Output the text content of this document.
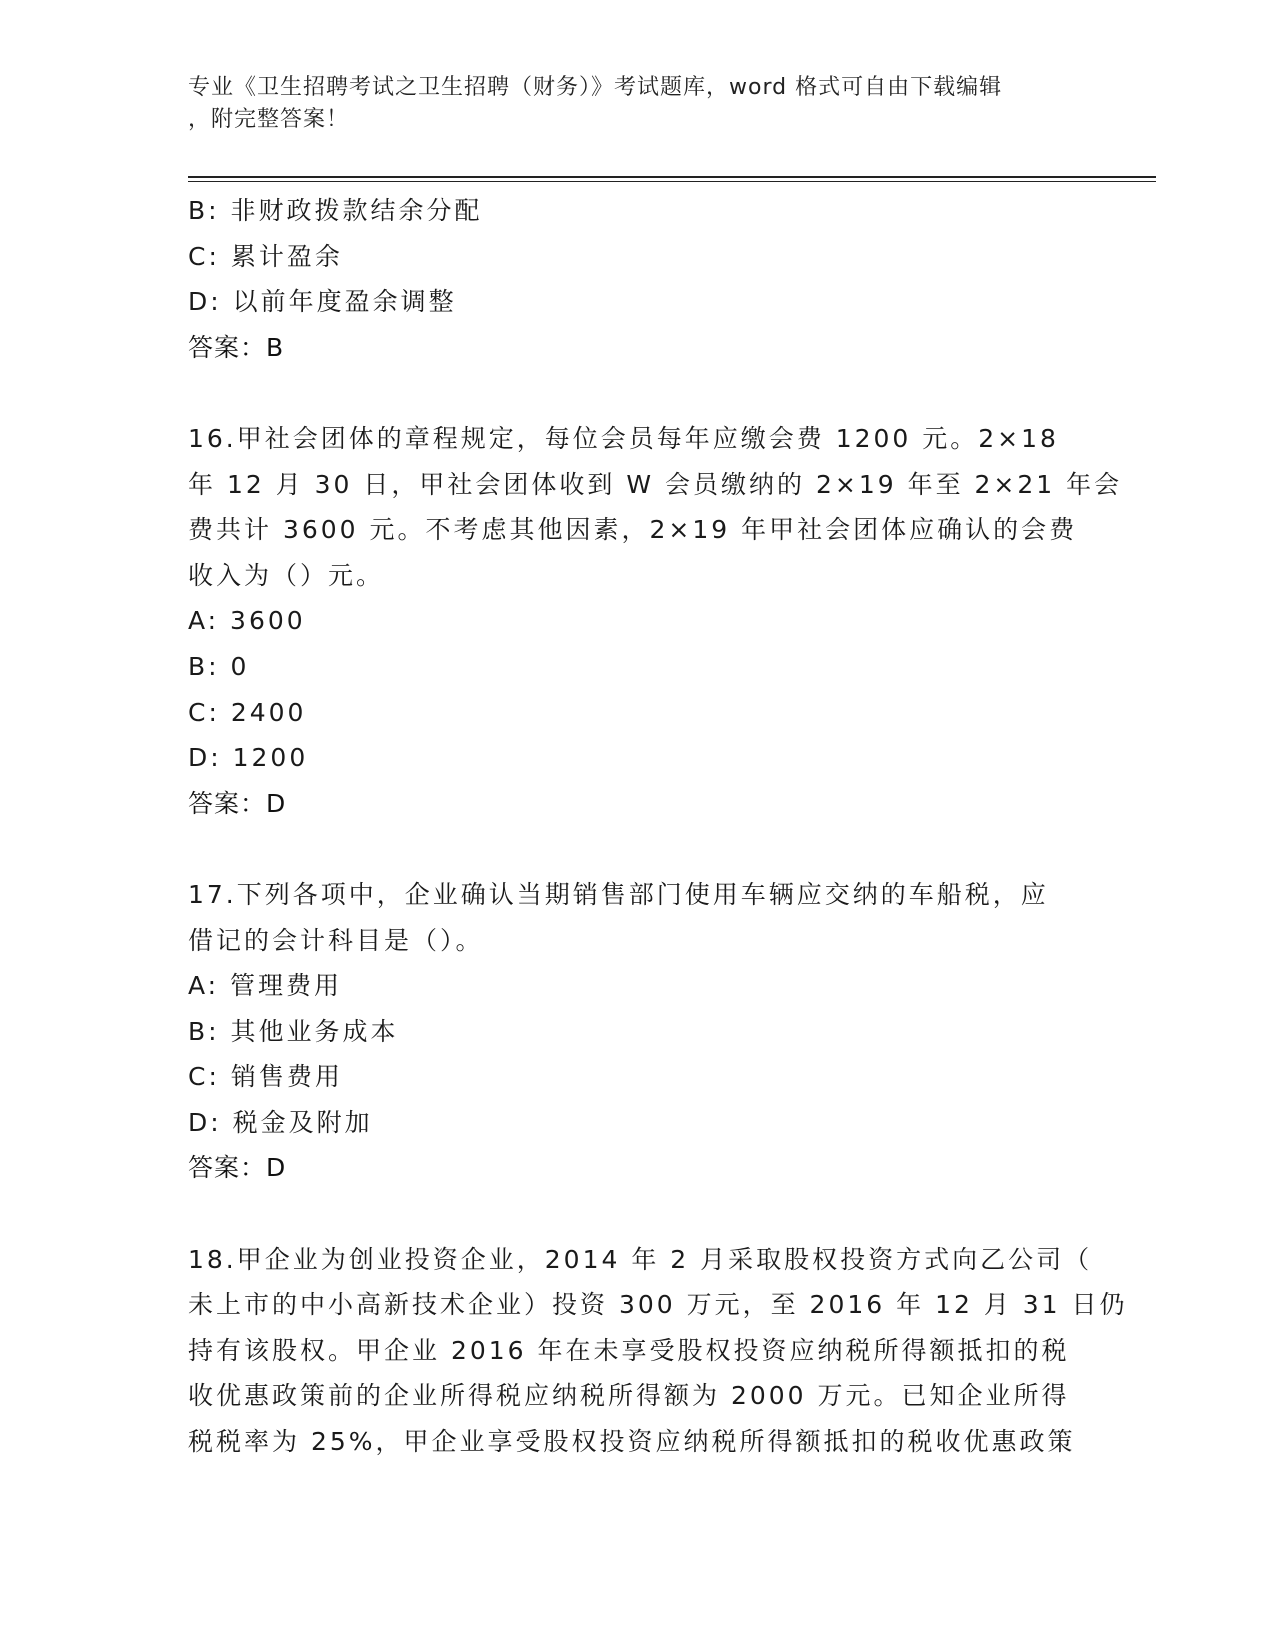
专业《卫生招聘考试之卫生招聘（财务）》考试题库，word 格式可自由下载编辑
，附完整答案！
B: 非财政拨款结余分配
C: 累计盈余
D: 以前年度盈余调整
答案：B
16.甲社会团体的章程规定，每位会员每年应缴会费 1200 元。2×18
年 12 月 30 日，甲社会团体收到 W 会员缴纳的 2×19 年至 2×21 年会
费共计 3600 元。不考虑其他因素，2×19 年甲社会团体应确认的会费
收入为（）元。
A: 3600
B: 0
C: 2400
D: 1200
答案：D
17.下列各项中，企业确认当期销售部门使用车辆应交纳的车船税，应
借记的会计科目是（）。
A: 管理费用
B: 其他业务成本
C: 销售费用
D: 税金及附加
答案：D
18.甲企业为创业投资企业，2014 年 2 月采取股权投资方式向乙公司（
未上市的中小高新技术企业）投资 300 万元，至 2016 年 12 月 31 日仍
持有该股权。甲企业 2016 年在未享受股权投资应纳税所得额抵扣的税
收优惠政策前的企业所得税应纳税所得额为 2000 万元。已知企业所得
税税率为 25%，甲企业享受股权投资应纳税所得额抵扣的税收优惠政策
